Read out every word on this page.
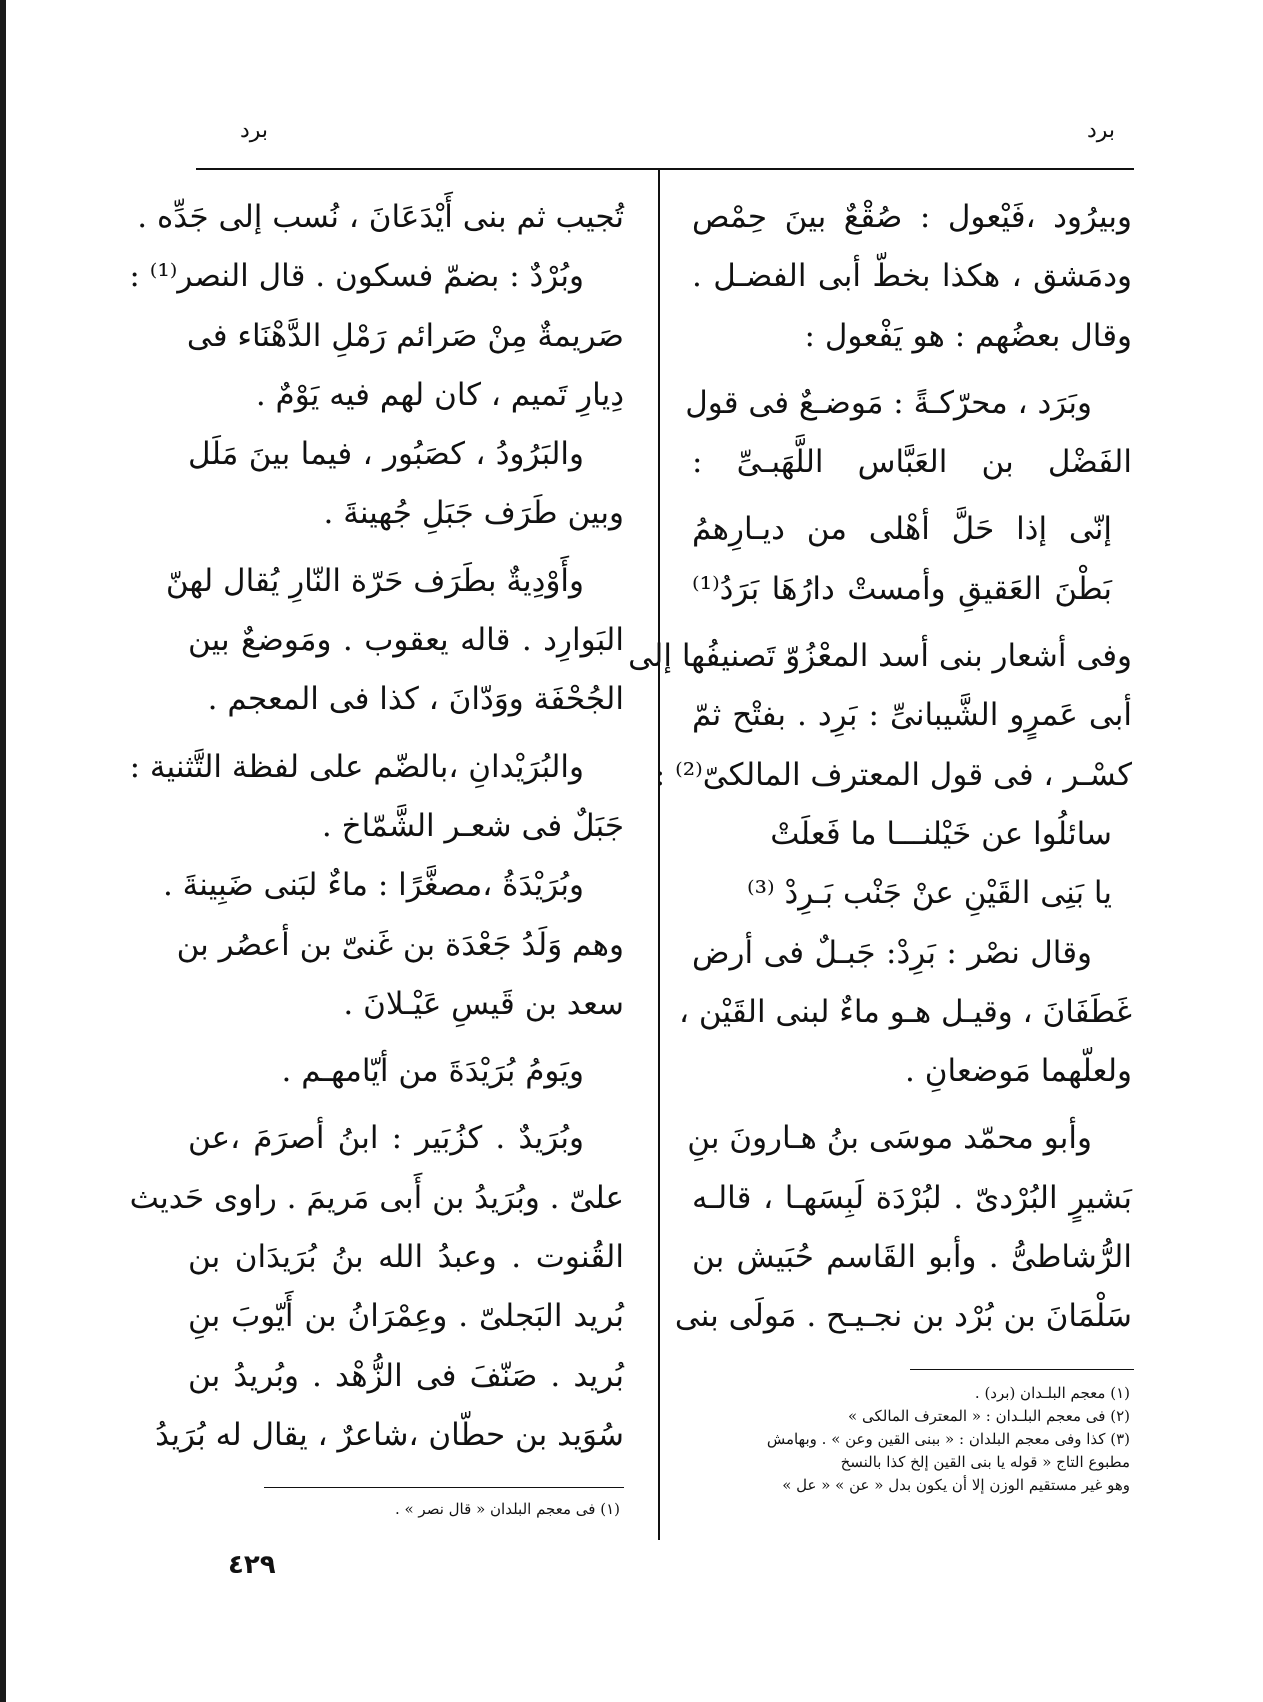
برد
برد
وبيرُود ،فَيْعول : صُقْعٌ بينَ حِمْص
ودمَشق ، هكذا بخطّ أبى الفضـل .
وقال بعضُهم : هو يَفْعول :
وبَرَد ، محرّكـةً : مَوضـعٌ فى قول
الفَضْل بن العَبَّاس اللَّهَبـىِّ :
إنّى إذا حَلَّ أهْلى من ديـارِهمُ
بَطْنَ العَقيقِ وأمستْ دارُهَا بَرَدُ⁽¹⁾
وفى أشعار بنى أسد المعْزُوّ تَصنيفُها إلى
أبى عَمرٍو الشَّيبانىِّ : بَرِد . بفتْح ثمّ
كسْـر ، فى قول المعترف المالكىّ⁽²⁾ :
سائلُوا عن خَيْلنـــا ما فَعلَتْ
يا بَنِى القَيْنِ عنْ جَنْب بَـرِدْ ⁽³⁾
وقال نصْر : بَرِدْ: جَبـلٌ فى أرض
غَطَفَانَ ، وقيـل هـو ماءٌ لبنى القَيْن ،
ولعلّهما مَوضعانِ .
وأبو محمّد موسَى بنُ هـارونَ بنِ
بَشيرٍ البُرْدىّ . لبُرْدَة لَبِسَهـا ، قالـه
الرُّشاطىُّ . وأبو القَاسم حُبَيش بن
سَلْمَانَ بن بُرْد بن نجـيـح . مَولَى بنى
تُجيب ثم بنى أَيْدَعَانَ ، نُسب إلى جَدِّه .
وبُرْدٌ : بضمّ فسكون . قال النصر⁽¹⁾ :
صَريمةٌ مِنْ صَرائم رَمْلِ الدَّهْنَاء فى
دِيارِ تَميم ، كان لهم فيه يَوْمٌ .
والبَرُودُ ، كصَبُور ، فيما بينَ مَلَل
وبين طَرَف جَبَلِ جُهينةَ .
وأَوْدِيةٌ بطَرَف حَرّة النّارِ يُقال لهنّ
البَوارِد . قاله يعقوب . ومَوضعٌ بين
الجُحْفَة ووَدّانَ ، كذا فى المعجم .
والبُرَيْدانِ ،بالضّم على لفظة التَّثنية :
جَبَلٌ فى شعـر الشَّمّاخ .
وبُرَيْدَةُ ،مصغَّرًا : ماءٌ لبَنى ضَبِينةَ .
وهم وَلَدُ جَعْدَة بن غَنىّ بن أعصُر بن
سعد بن قَيسِ عَيْـلانَ .
ويَومُ بُرَيْدَةَ من أيّامهـم .
وبُرَيدٌ . كزُبَير : ابنُ أصرَمَ ،عن
علىّ . وبُرَيدُ بن أَبى مَريمَ . راوى حَديث
القُنوت . وعبدُ الله بنُ بُرَيدَان بن
بُريد البَجلىّ . وعِمْرَانُ بن أَيّوبَ بنِ
بُريد . صَنّفَ فى الزُّهْد . وبُريدُ بن
سُوَيد بن حطّان ،شاعرٌ ، يقال له بُرَيدُ
(١) معجم البلـدان (برد) .
(٢) فى معجم البلـدان : « المعترف المالكى »
(٣) كذا وفى معجم البلدان : « ببنى القين وعن » . وبهامش
مطبوع التاج « قوله يا بنى القين إلخ كذا بالنسخ
وهو غير مستقيم الوزن إلا أن يكون بدل « عن » « عل »
(١) فى معجم البلدان « قال نصر » .
٤٢٩
